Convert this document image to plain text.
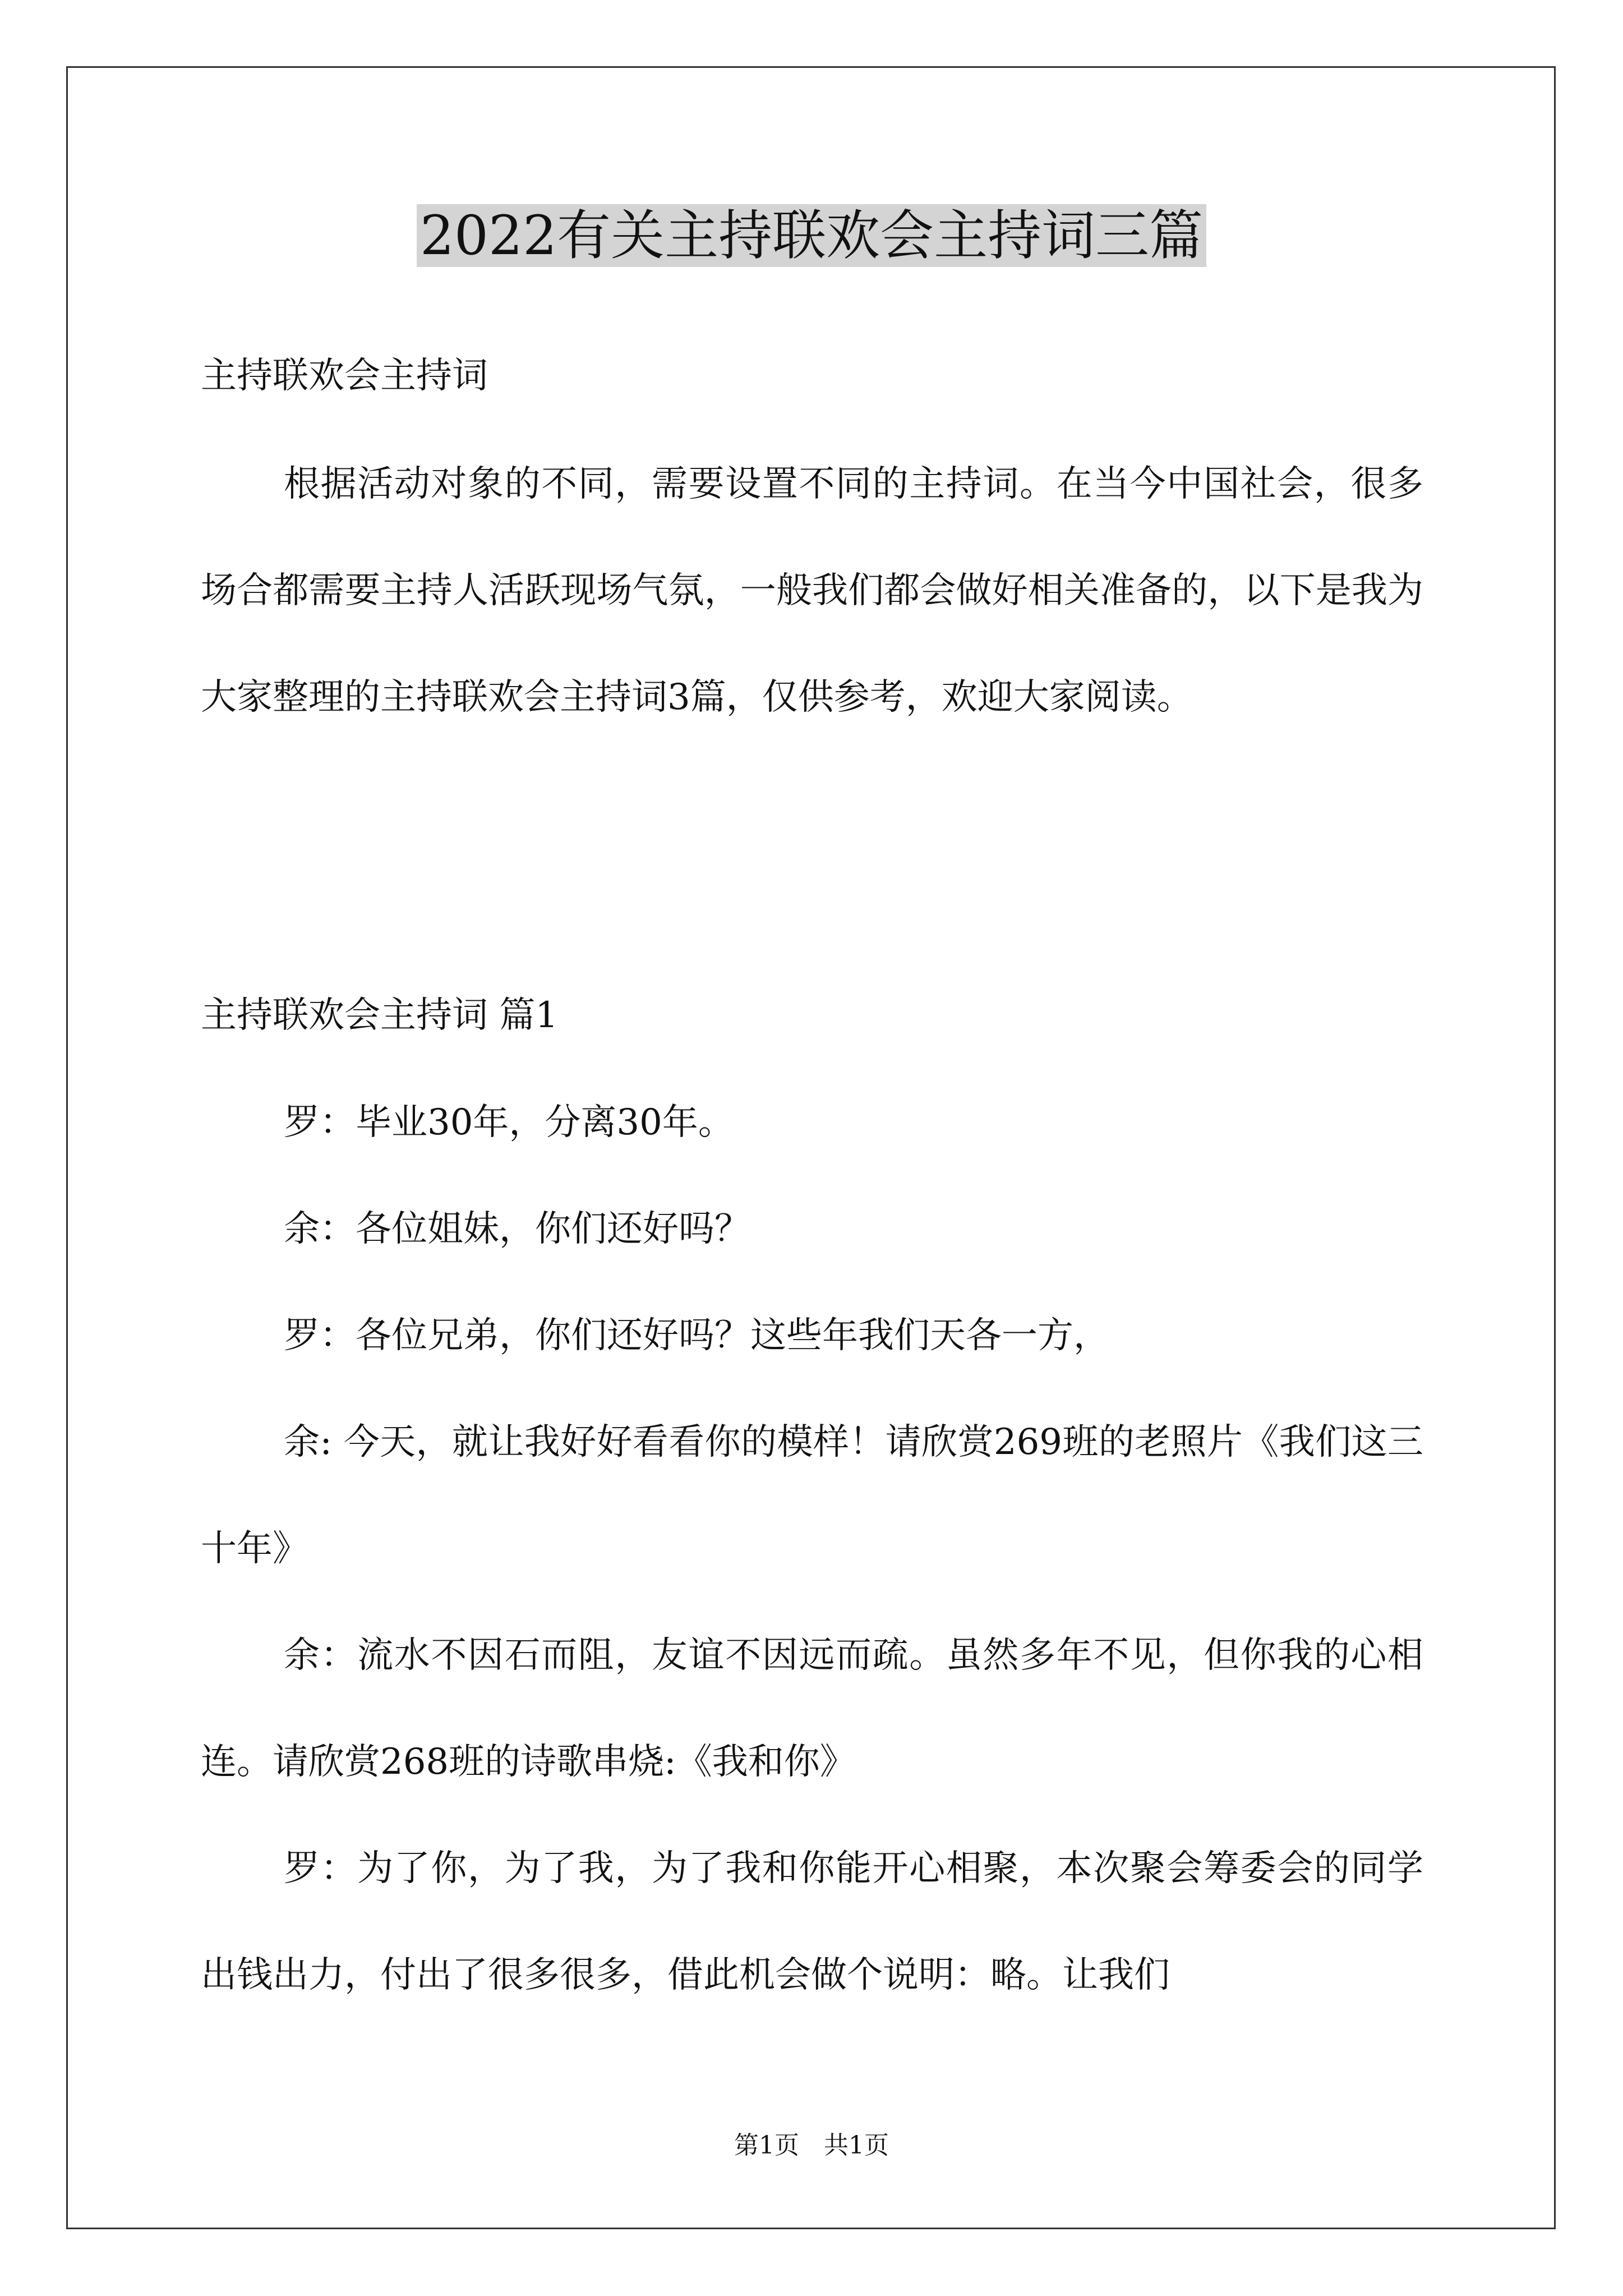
2022有关主持联欢会主持词三篇
主持联欢会主持词

根据活动对象的不同，需要设置不同的主持词。在当今中国社会，很多场合都需要主持人活跃现场气氛，一般我们都会做好相关准备的，以下是我为大家整理的主持联欢会主持词3篇，仅供参考，欢迎大家阅读。

主持联欢会主持词 篇1

罗：毕业30年，分离30年。

余：各位姐妹，你们还好吗？

罗：各位兄弟，你们还好吗？这些年我们天各一方，

余: 今天，就让我好好看看你的模样！请欣赏269班的老照片《我们这三十年》

余：流水不因石而阻，友谊不因远而疏。虽然多年不见，但你我的心相连。请欣赏268班的诗歌串烧:《我和你》

罗：为了你，为了我，为了我和你能开心相聚，本次聚会筹委会的同学出钱出力，付出了很多很多，借此机会做个说明：略。让我们

第1页 共1页
